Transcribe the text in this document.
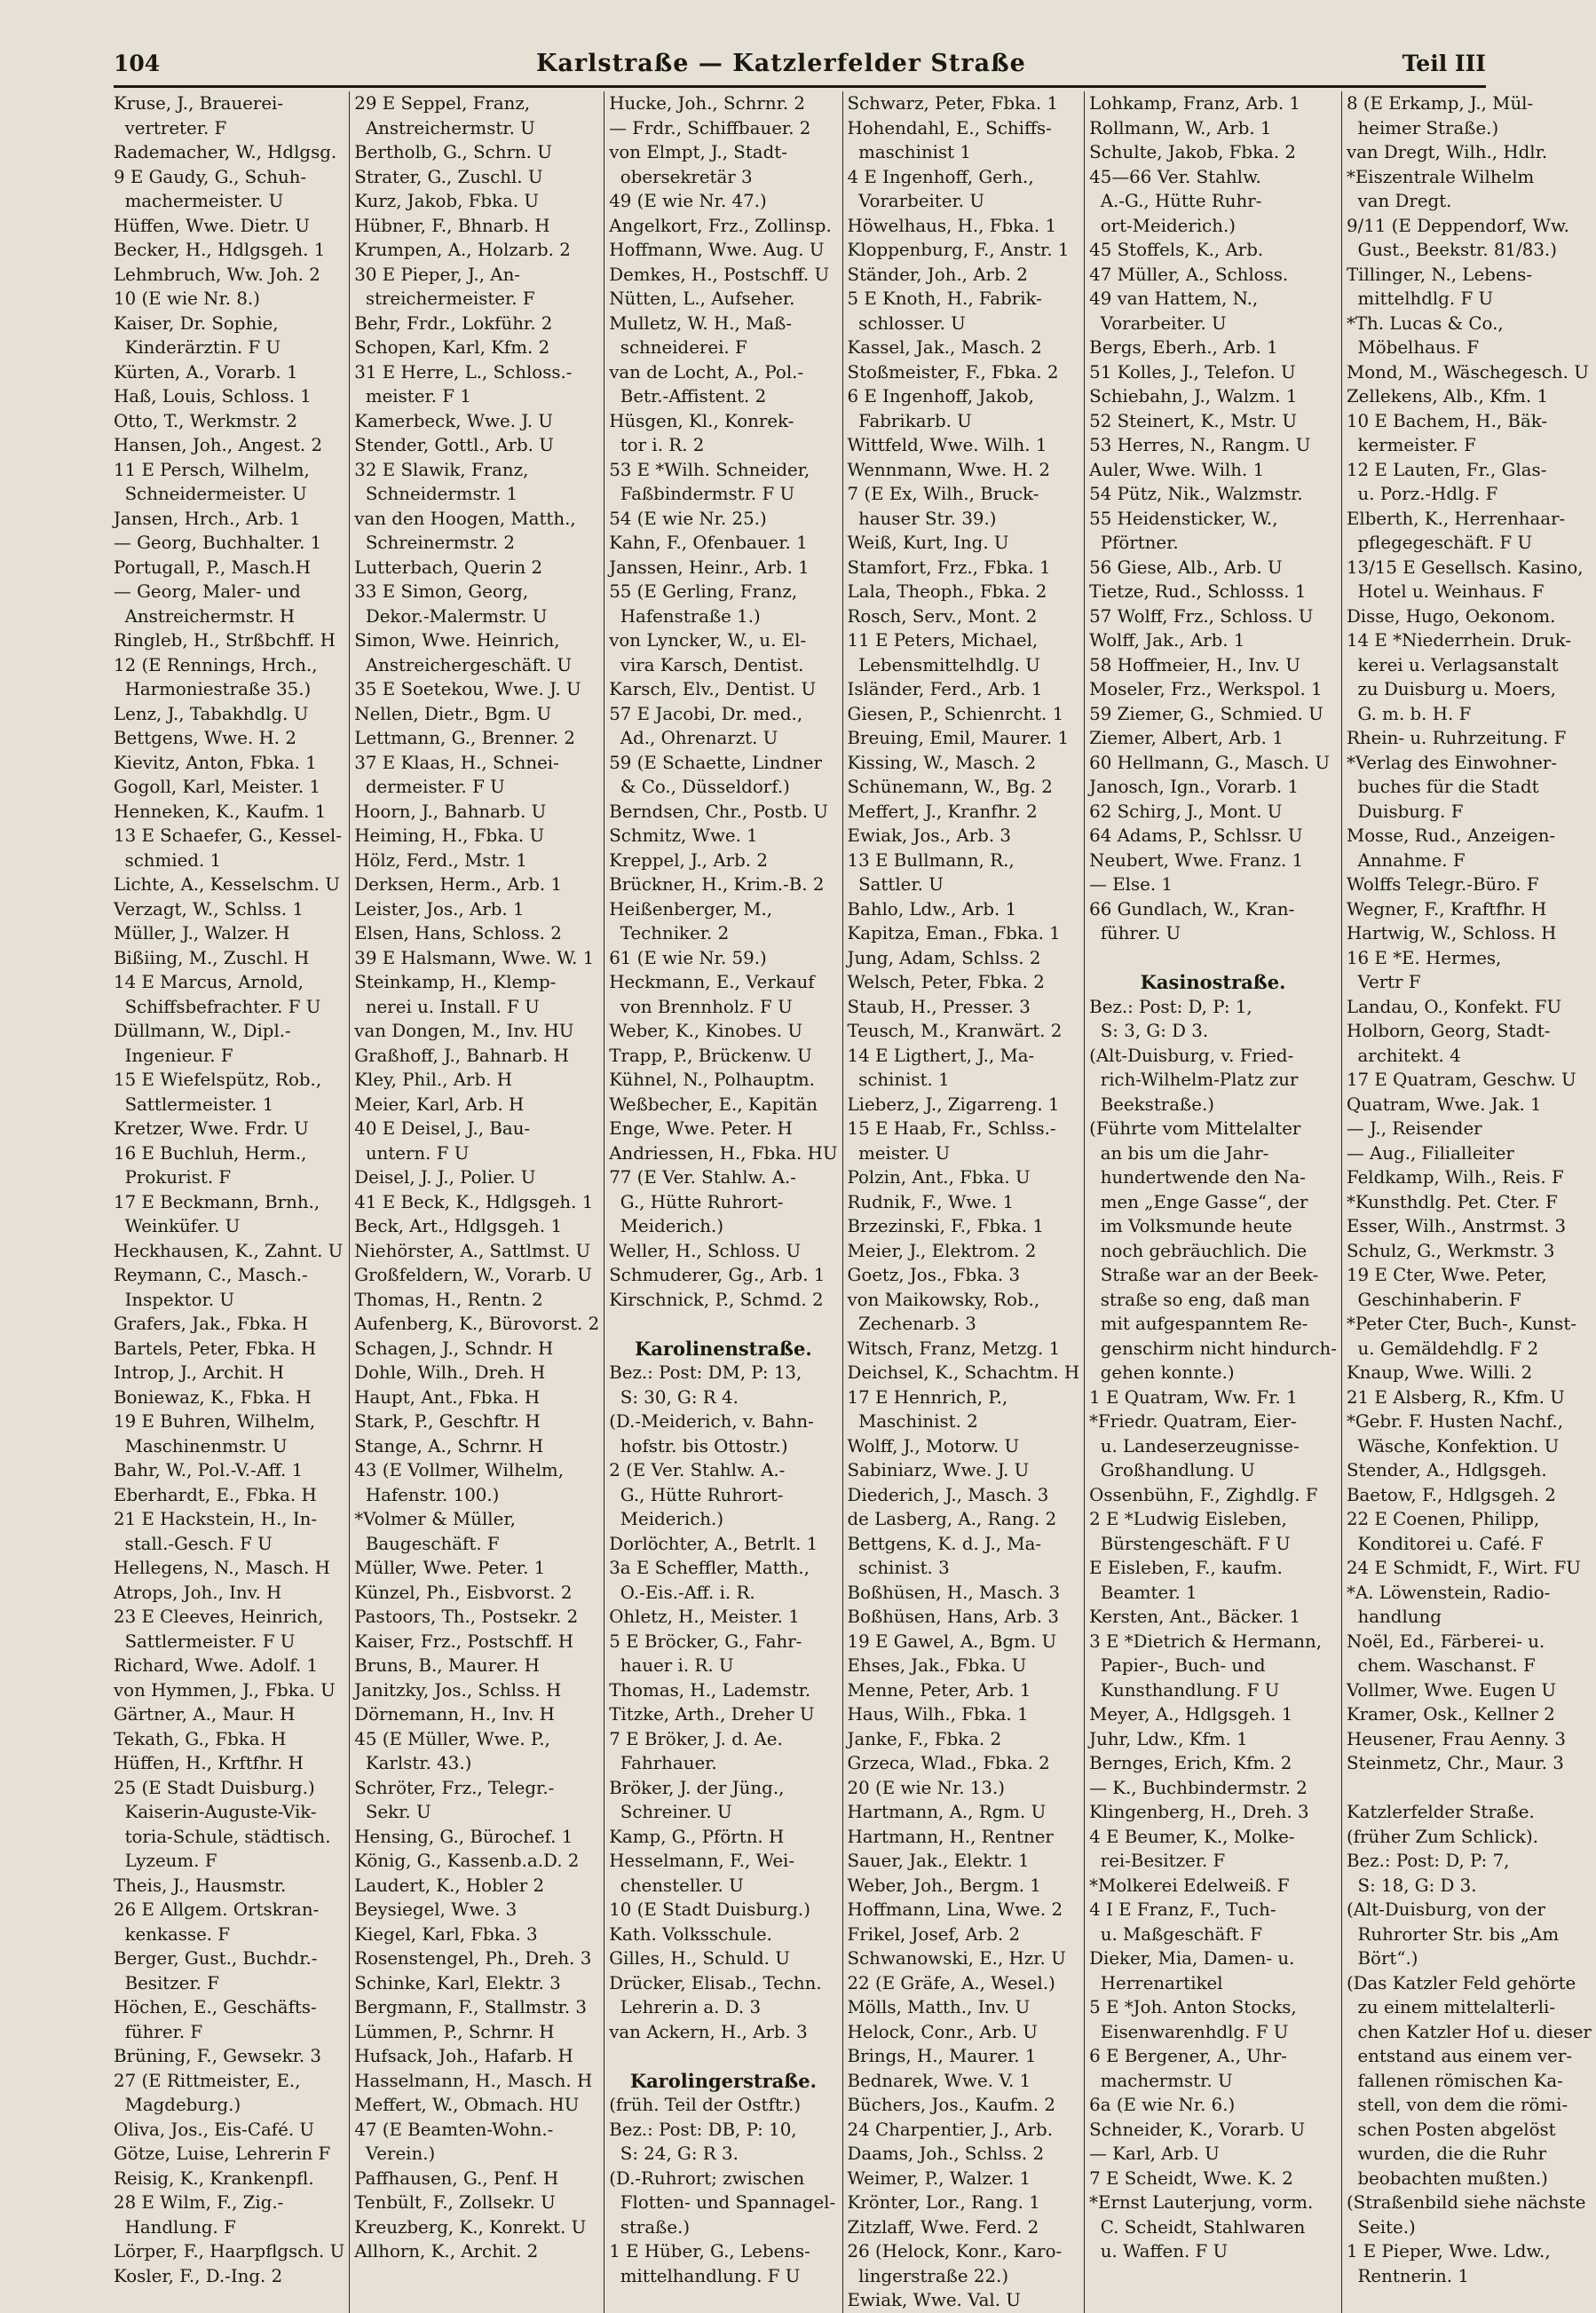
104	Karlstraße — Katzlerfelder Straße	Teil III
Kruse, J., Brauerei-
vertreter. F
Rademacher, W., Hdlgsg.
9 E Gaudy, G., Schuh-
machermeister. U
Hüffen, Wwe. Dietr. U
Becker, H., Hdlgsgeh. 1
Lehmbruch, Ww. Joh. 2
10 (E wie Nr. 8.)
Kaiser, Dr. Sophie,
Kinderärztin. F U
Kürten, A., Vorarb. 1
Haß, Louis, Schloss. 1
Otto, T., Werkmstr. 2
Hansen, Joh., Angest. 2
11 E Persch, Wilhelm,
Schneidermeister. U
Jansen, Hrch., Arb. 1
— Georg, Buchhalter. 1
Portugall, P., Masch.H
— Georg, Maler- und
Anstreichermstr. H
Ringleb, H., Strßbchff. H
12 (E Rennings, Hrch.,
Harmoniestraße 35.)
Lenz, J., Tabakhdlg. U
Bettgens, Wwe. H. 2
Kievitz, Anton, Fbka. 1
Gogoll, Karl, Meister. 1
Henneken, K., Kaufm. 1
13 E Schaefer, G., Kessel-
schmied. 1
Lichte, A., Kesselschm. U
Verzagt, W., Schlss. 1
Müller, J., Walzer. H
Bißiing, M., Zuschl. H
14 E Marcus, Arnold,
Schiffsbefrachter. F U
Düllmann, W., Dipl.-
Ingenieur. F
15 E Wiefelspütz, Rob.,
Sattlermeister. 1
Kretzer, Wwe. Frdr. U
16 E Buchluh, Herm.,
Prokurist. F
17 E Beckmann, Brnh.,
Weinküfer. U
Heckhausen, K., Zahnt. U
Reymann, C., Masch.-
Inspektor. U
Grafers, Jak., Fbka. H
Bartels, Peter, Fbka. H
Introp, J., Archit. H
Boniewaz, K., Fbka. H
19 E Buhren, Wilhelm,
Maschinenmstr. U
Bahr, W., Pol.-V.-Aff. 1
Eberhardt, E., Fbka. H
21 E Hackstein, H., In-
stall.-Gesch. F U
Hellegens, N., Masch. H
Atrops, Joh., Inv. H
23 E Cleeves, Heinrich,
Sattlermeister. F U
Richard, Wwe. Adolf. 1
von Hymmen, J., Fbka. U
Gärtner, A., Maur. H
Tekath, G., Fbka. H
Hüffen, H., Krftfhr. H
25 (E Stadt Duisburg.)
Kaiserin-Auguste-Vik-
toria-Schule, städtisch.
Lyzeum. F
Theis, J., Hausmstr.
26 E Allgem. Ortskran-
kenkasse. F
Berger, Gust., Buchdr.-
Besitzer. F
Höchen, E., Geschäfts-
führer. F
Brüning, F., Gewsekr. 3
27 (E Rittmeister, E.,
Magdeburg.)
Oliva, Jos., Eis-Café. U
Götze, Luise, Lehrerin F
Reisig, K., Krankenpfl.
28 E Wilm, F., Zig.-
Handlung. F
Lörper, F., Haarpflgsch. U
Kosler, F., D.-Ing. 2
29 E Seppel, Franz,
Anstreichermstr. U
Bertholb, G., Schrn. U
Strater, G., Zuschl. U
Kurz, Jakob, Fbka. U
Hübner, F., Bhnarb. H
Krumpen, A., Holzarb. 2
30 E Pieper, J., An-
streichermeister. F
Behr, Frdr., Lokführ. 2
Schopen, Karl, Kfm. 2
31 E Herre, L., Schloss.-
meister. F 1
Kamerbeck, Wwe. J. U
Stender, Gottl., Arb. U
32 E Slawik, Franz,
Schneidermstr. 1
van den Hoogen, Matth.,
Schreinermstr. 2
Lutterbach, Querin 2
33 E Simon, Georg,
Dekor.-Malermstr. U
Simon, Wwe. Heinrich,
Anstreichergeschäft. U
35 E Soetekou, Wwe. J. U
Nellen, Dietr., Bgm. U
Lettmann, G., Brenner. 2
37 E Klaas, H., Schnei-
dermeister. F U
Hoorn, J., Bahnarb. U
Heiming, H., Fbka. U
Hölz, Ferd., Mstr. 1
Derksen, Herm., Arb. 1
Leister, Jos., Arb. 1
Elsen, Hans, Schloss. 2
39 E Halsmann, Wwe. W. 1
Steinkamp, H., Klemp-
nerei u. Install. F U
van Dongen, M., Inv. HU
Graßhoff, J., Bahnarb. H
Kley, Phil., Arb. H
Meier, Karl, Arb. H
40 E Deisel, J., Bau-
untern. F U
Deisel, J. J., Polier. U
41 E Beck, K., Hdlgsgeh. 1
Beck, Art., Hdlgsgeh. 1
Niehörster, A., Sattlmst. U
Großfeldern, W., Vorarb. U
Thomas, H., Rentn. 2
Aufenberg, K., Bürovorst. 2
Schagen, J., Schndr. H
Dohle, Wilh., Dreh. H
Haupt, Ant., Fbka. H
Stark, P., Geschftr. H
Stange, A., Schrnr. H
43 (E Vollmer, Wilhelm,
Hafenstr. 100.)
*Volmer & Müller,
Baugeschäft. F
Müller, Wwe. Peter. 1
Künzel, Ph., Eisbvorst. 2
Pastoors, Th., Postsekr. 2
Kaiser, Frz., Postschff. H
Bruns, B., Maurer. H
Janitzky, Jos., Schlss. H
Dörnemann, H., Inv. H
45 (E Müller, Wwe. P.,
Karlstr. 43.)
Schröter, Frz., Telegr.-
Sekr. U
Hensing, G., Bürochef. 1
König, G., Kassenb.a.D. 2
Laudert, K., Hobler 2
Beysiegel, Wwe. 3
Kiegel, Karl, Fbka. 3
Rosenstengel, Ph., Dreh. 3
Schinke, Karl, Elektr. 3
Bergmann, F., Stallmstr. 3
Lümmen, P., Schrnr. H
Hufsack, Joh., Hafarb. H
Hasselmann, H., Masch. H
Meffert, W., Obmach. HU
47 (E Beamten-Wohn.-
Verein.)
Paffhausen, G., Penf. H
Tenbült, F., Zollsekr. U
Kreuzberg, K., Konrekt. U
Allhorn, K., Archit. 2
Hucke, Joh., Schrnr. 2
— Frdr., Schiffbauer. 2
von Elmpt, J., Stadt-
obersekretär 3
49 (E wie Nr. 47.)
Angelkort, Frz., Zollinsp.
Hoffmann, Wwe. Aug. U
Demkes, H., Postschff. U
Nütten, L., Aufseher.
Mulletz, W. H., Maß-
schneiderei. F
van de Locht, A., Pol.-
Betr.-Affistent. 2
Hüsgen, Kl., Konrek-
tor i. R. 2
53 E *Wilh. Schneider,
Faßbindermstr. F U
54 (E wie Nr. 25.)
Kahn, F., Ofenbauer. 1
Janssen, Heinr., Arb. 1
55 (E Gerling, Franz,
Hafenstraße 1.)
von Lyncker, W., u. El-
vira Karsch, Dentist.
Karsch, Elv., Dentist. U
57 E Jacobi, Dr. med.,
Ad., Ohrenarzt. U
59 (E Schaette, Lindner
& Co., Düsseldorf.)
Berndsen, Chr., Postb. U
Schmitz, Wwe. 1
Kreppel, J., Arb. 2
Brückner, H., Krim.-B. 2
Heißenberger, M.,
Techniker. 2
61 (E wie Nr. 59.)
Heckmann, E., Verkauf
von Brennholz. F U
Weber, K., Kinobes. U
Trapp, P., Brückenw. U
Kühnel, N., Polhauptm.
Weßbecher, E., Kapitän
Enge, Wwe. Peter. H
Andriessen, H., Fbka. HU
77 (E Ver. Stahlw. A.-
G., Hütte Ruhrort-
Meiderich.)
Weller, H., Schloss. U
Schmuderer, Gg., Arb. 1
Kirschnick, P., Schmd. 2

Karolinenstraße.
Bez.: Post: DM, P: 13,
S: 30, G: R 4.
(D.-Meiderich, v. Bahn-
hofstr. bis Ottostr.)
2 (E Ver. Stahlw. A.-
G., Hütte Ruhrort-
Meiderich.)
Dorlöchter, A., Betrlt. 1
3a E Scheffler, Matth.,
O.-Eis.-Aff. i. R.
Ohletz, H., Meister. 1
5 E Bröcker, G., Fahr-
hauer i. R. U
Thomas, H., Lademstr.
Titzke, Arth., Dreher U
7 E Bröker, J. d. Ae.
Fahrhauer.
Bröker, J. der Jüng.,
Schreiner. U
Kamp, G., Pförtn. H
Hesselmann, F., Wei-
chensteller. U
10 (E Stadt Duisburg.)
Kath. Volksschule.
Gilles, H., Schuld. U
Drücker, Elisab., Techn.
Lehrerin a. D. 3
van Ackern, H., Arb. 3

Karolingerstraße.
(früh. Teil der Ostftr.)
Bez.: Post: DB, P: 10,
S: 24, G: R 3.
(D.-Ruhrort; zwischen
Flotten- und Spannagel-
straße.)
1 E Hüber, G., Lebens-
mittelhandlung. F U
Schwarz, Peter, Fbka. 1
Hohendahl, E., Schiffs-
maschinist 1
4 E Ingenhoff, Gerh.,
Vorarbeiter. U
Höwelhaus, H., Fbka. 1
Kloppenburg, F., Anstr. 1
Ständer, Joh., Arb. 2
5 E Knoth, H., Fabrik-
schlosser. U
Kassel, Jak., Masch. 2
Stoßmeister, F., Fbka. 2
6 E Ingenhoff, Jakob,
Fabrikarb. U
Wittfeld, Wwe. Wilh. 1
Wennmann, Wwe. H. 2
7 (E Ex, Wilh., Bruck-
hauser Str. 39.)
Weiß, Kurt, Ing. U
Stamfort, Frz., Fbka. 1
Lala, Theoph., Fbka. 2
Rosch, Serv., Mont. 2
11 E Peters, Michael,
Lebensmittelhdlg. U
Isländer, Ferd., Arb. 1
Giesen, P., Schienrcht. 1
Breuing, Emil, Maurer. 1
Kissing, W., Masch. 2
Schünemann, W., Bg. 2
Meffert, J., Kranfhr. 2
Ewiak, Jos., Arb. 3
13 E Bullmann, R.,
Sattler. U
Bahlo, Ldw., Arb. 1
Kapitza, Eman., Fbka. 1
Jung, Adam, Schlss. 2
Welsch, Peter, Fbka. 2
Staub, H., Presser. 3
Teusch, M., Kranwärt. 2
14 E Ligthert, J., Ma-
schinist. 1
Lieberz, J., Zigarreng. 1
15 E Haab, Fr., Schlss.-
meister. U
Polzin, Ant., Fbka. U
Rudnik, F., Wwe. 1
Brzezinski, F., Fbka. 1
Meier, J., Elektrom. 2
Goetz, Jos., Fbka. 3
von Maikowsky, Rob.,
Zechenarb. 3
Witsch, Franz, Metzg. 1
Deichsel, K., Schachtm. H
17 E Hennrich, P.,
Maschinist. 2
Wolff, J., Motorw. U
Sabiniarz, Wwe. J. U
Diederich, J., Masch. 3
de Lasberg, A., Rang. 2
Bettgens, K. d. J., Ma-
schinist. 3
Boßhüsen, H., Masch. 3
Boßhüsen, Hans, Arb. 3
19 E Gawel, A., Bgm. U
Ehses, Jak., Fbka. U
Menne, Peter, Arb. 1
Haus, Wilh., Fbka. 1
Janke, F., Fbka. 2
Grzeca, Wlad., Fbka. 2
20 (E wie Nr. 13.)
Hartmann, A., Rgm. U
Hartmann, H., Rentner
Sauer, Jak., Elektr. 1
Weber, Joh., Bergm. 1
Hoffmann, Lina, Wwe. 2
Frikel, Josef, Arb. 2
Schwanowski, E., Hzr. U
22 (E Gräfe, A., Wesel.)
Mölls, Matth., Inv. U
Helock, Conr., Arb. U
Brings, H., Maurer. 1
Bednarek, Wwe. V. 1
Büchers, Jos., Kaufm. 2
24 Charpentier, J., Arb.
Daams, Joh., Schlss. 2
Weimer, P., Walzer. 1
Krönter, Lor., Rang. 1
Zitzlaff, Wwe. Ferd. 2
26 (Helock, Konr., Karo-
lingerstraße 22.)
Ewiak, Wwe. Val. U
Lohkamp, Franz, Arb. 1
Rollmann, W., Arb. 1
Schulte, Jakob, Fbka. 2
45—66 Ver. Stahlw.
A.-G., Hütte Ruhr-
ort-Meiderich.)
45 Stoffels, K., Arb.
47 Müller, A., Schloss.
49 van Hattem, N.,
Vorarbeiter. U
Bergs, Eberh., Arb. 1
51 Kolles, J., Telefon. U
Schiebahn, J., Walzm. 1
52 Steinert, K., Mstr. U
53 Herres, N., Rangm. U
Auler, Wwe. Wilh. 1
54 Pütz, Nik., Walzmstr.
55 Heidensticker, W.,
Pförtner.
56 Giese, Alb., Arb. U
Tietze, Rud., Schlosss. 1
57 Wolff, Frz., Schloss. U
Wolff, Jak., Arb. 1
58 Hoffmeier, H., Inv. U
Moseler, Frz., Werkspol. 1
59 Ziemer, G., Schmied. U
Ziemer, Albert, Arb. 1
60 Hellmann, G., Masch. U
Janosch, Ign., Vorarb. 1
62 Schirg, J., Mont. U
64 Adams, P., Schlssr. U
Neubert, Wwe. Franz. 1
— Else. 1
66 Gundlach, W., Kran-
führer. U

Kasinostraße.
Bez.: Post: D, P: 1,
S: 3, G: D 3.
(Alt-Duisburg, v. Fried-
rich-Wilhelm-Platz zur
Beekstraße.)
(Führte vom Mittelalter
an bis um die Jahr-
hundertwende den Na-
men „Enge Gasse“, der
im Volksmunde heute
noch gebräuchlich. Die
Straße war an der Beek-
straße so eng, daß man
mit aufgespanntem Re-
genschirm nicht hindurch-
gehen konnte.)
1 E Quatram, Ww. Fr. 1
*Friedr. Quatram, Eier-
u. Landeserzeugnisse-
Großhandlung. U
Ossenbühn, F., Zighdlg. F
2 E *Ludwig Eisleben,
Bürstengeschäft. F U
E Eisleben, F., kaufm.
Beamter. 1
Kersten, Ant., Bäcker. 1
3 E *Dietrich & Hermann,
Papier-, Buch- und
Kunsthandlung. F U
Meyer, A., Hdlgsgeh. 1
Juhr, Ldw., Kfm. 1
Bernges, Erich, Kfm. 2
— K., Buchbindermstr. 2
Klingenberg, H., Dreh. 3
4 E Beumer, K., Molke-
rei-Besitzer. F
*Molkerei Edelweiß. F
4 I E Franz, F., Tuch-
u. Maßgeschäft. F
Dieker, Mia, Damen- u.
Herrenartikel
5 E *Joh. Anton Stocks,
Eisenwarenhdlg. F U
6 E Bergener, A., Uhr-
machermstr. U
6a (E wie Nr. 6.)
Schneider, K., Vorarb. U
— Karl, Arb. U
7 E Scheidt, Wwe. K. 2
*Ernst Lauterjung, vorm.
C. Scheidt, Stahlwaren
u. Waffen. F U
8 (E Erkamp, J., Mül-
heimer Straße.)
van Dregt, Wilh., Hdlr.
*Eiszentrale Wilhelm
van Dregt.
9/11 (E Deppendorf, Ww.
Gust., Beekstr. 81/83.)
Tillinger, N., Lebens-
mittelhdlg. F U
*Th. Lucas & Co.,
Möbelhaus. F
Mond, M., Wäschegesch. U
Zellekens, Alb., Kfm. 1
10 E Bachem, H., Bäk-
kermeister. F
12 E Lauten, Fr., Glas-
u. Porz.-Hdlg. F
Elberth, K., Herrenhaar-
pflegegeschäft. F U
13/15 E Gesellsch. Kasino,
Hotel u. Weinhaus. F
Disse, Hugo, Oekonom.
14 E *Niederrhein. Druk-
kerei u. Verlagsanstalt
zu Duisburg u. Moers,
G. m. b. H. F
Rhein- u. Ruhrzeitung. F
*Verlag des Einwohner-
buches für die Stadt
Duisburg. F
Mosse, Rud., Anzeigen-
Annahme. F
Wolffs Telegr.-Büro. F
Wegner, F., Kraftfhr. H
Hartwig, W., Schloss. H
16 E *E. Hermes,
Vertr F
Landau, O., Konfekt. FU
Holborn, Georg, Stadt-
architekt. 4
17 E Quatram, Geschw. U
Quatram, Wwe. Jak. 1
— J., Reisender
— Aug., Filialleiter
Feldkamp, Wilh., Reis. F
*Kunsthdlg. Pet. Cter. F
Esser, Wilh., Anstrmst. 3
Schulz, G., Werkmstr. 3
19 E Cter, Wwe. Peter,
Geschinhaberin. F
*Peter Cter, Buch-, Kunst-
u. Gemäldehdlg. F 2
Knaup, Wwe. Willi. 2
21 E Alsberg, R., Kfm. U
*Gebr. F. Husten Nachf.,
Wäsche, Konfektion. U
Stender, A., Hdlgsgeh.
Baetow, F., Hdlgsgeh. 2
22 E Coenen, Philipp,
Konditorei u. Café. F
24 E Schmidt, F., Wirt. FU
*A. Löwenstein, Radio-
handlung
Noël, Ed., Färberei- u.
chem. Waschanst. F
Vollmer, Wwe. Eugen U
Kramer, Osk., Kellner 2
Heusener, Frau Aenny. 3
Steinmetz, Chr., Maur. 3

Katzlerfelder Straße.
(früher Zum Schlick).
Bez.: Post: D, P: 7,
S: 18, G: D 3.
(Alt-Duisburg, von der
Ruhrorter Str. bis „Am
Bört“.)
(Das Katzler Feld gehörte
zu einem mittelalterli-
chen Katzler Hof u. dieser
entstand aus einem ver-
fallenen römischen Ka-
stell, von dem die römi-
schen Posten abgelöst
wurden, die die Ruhr
beobachten mußten.)
(Straßenbild siehe nächste
Seite.)
1 E Pieper, Wwe. Ldw.,
Rentnerin. 1
